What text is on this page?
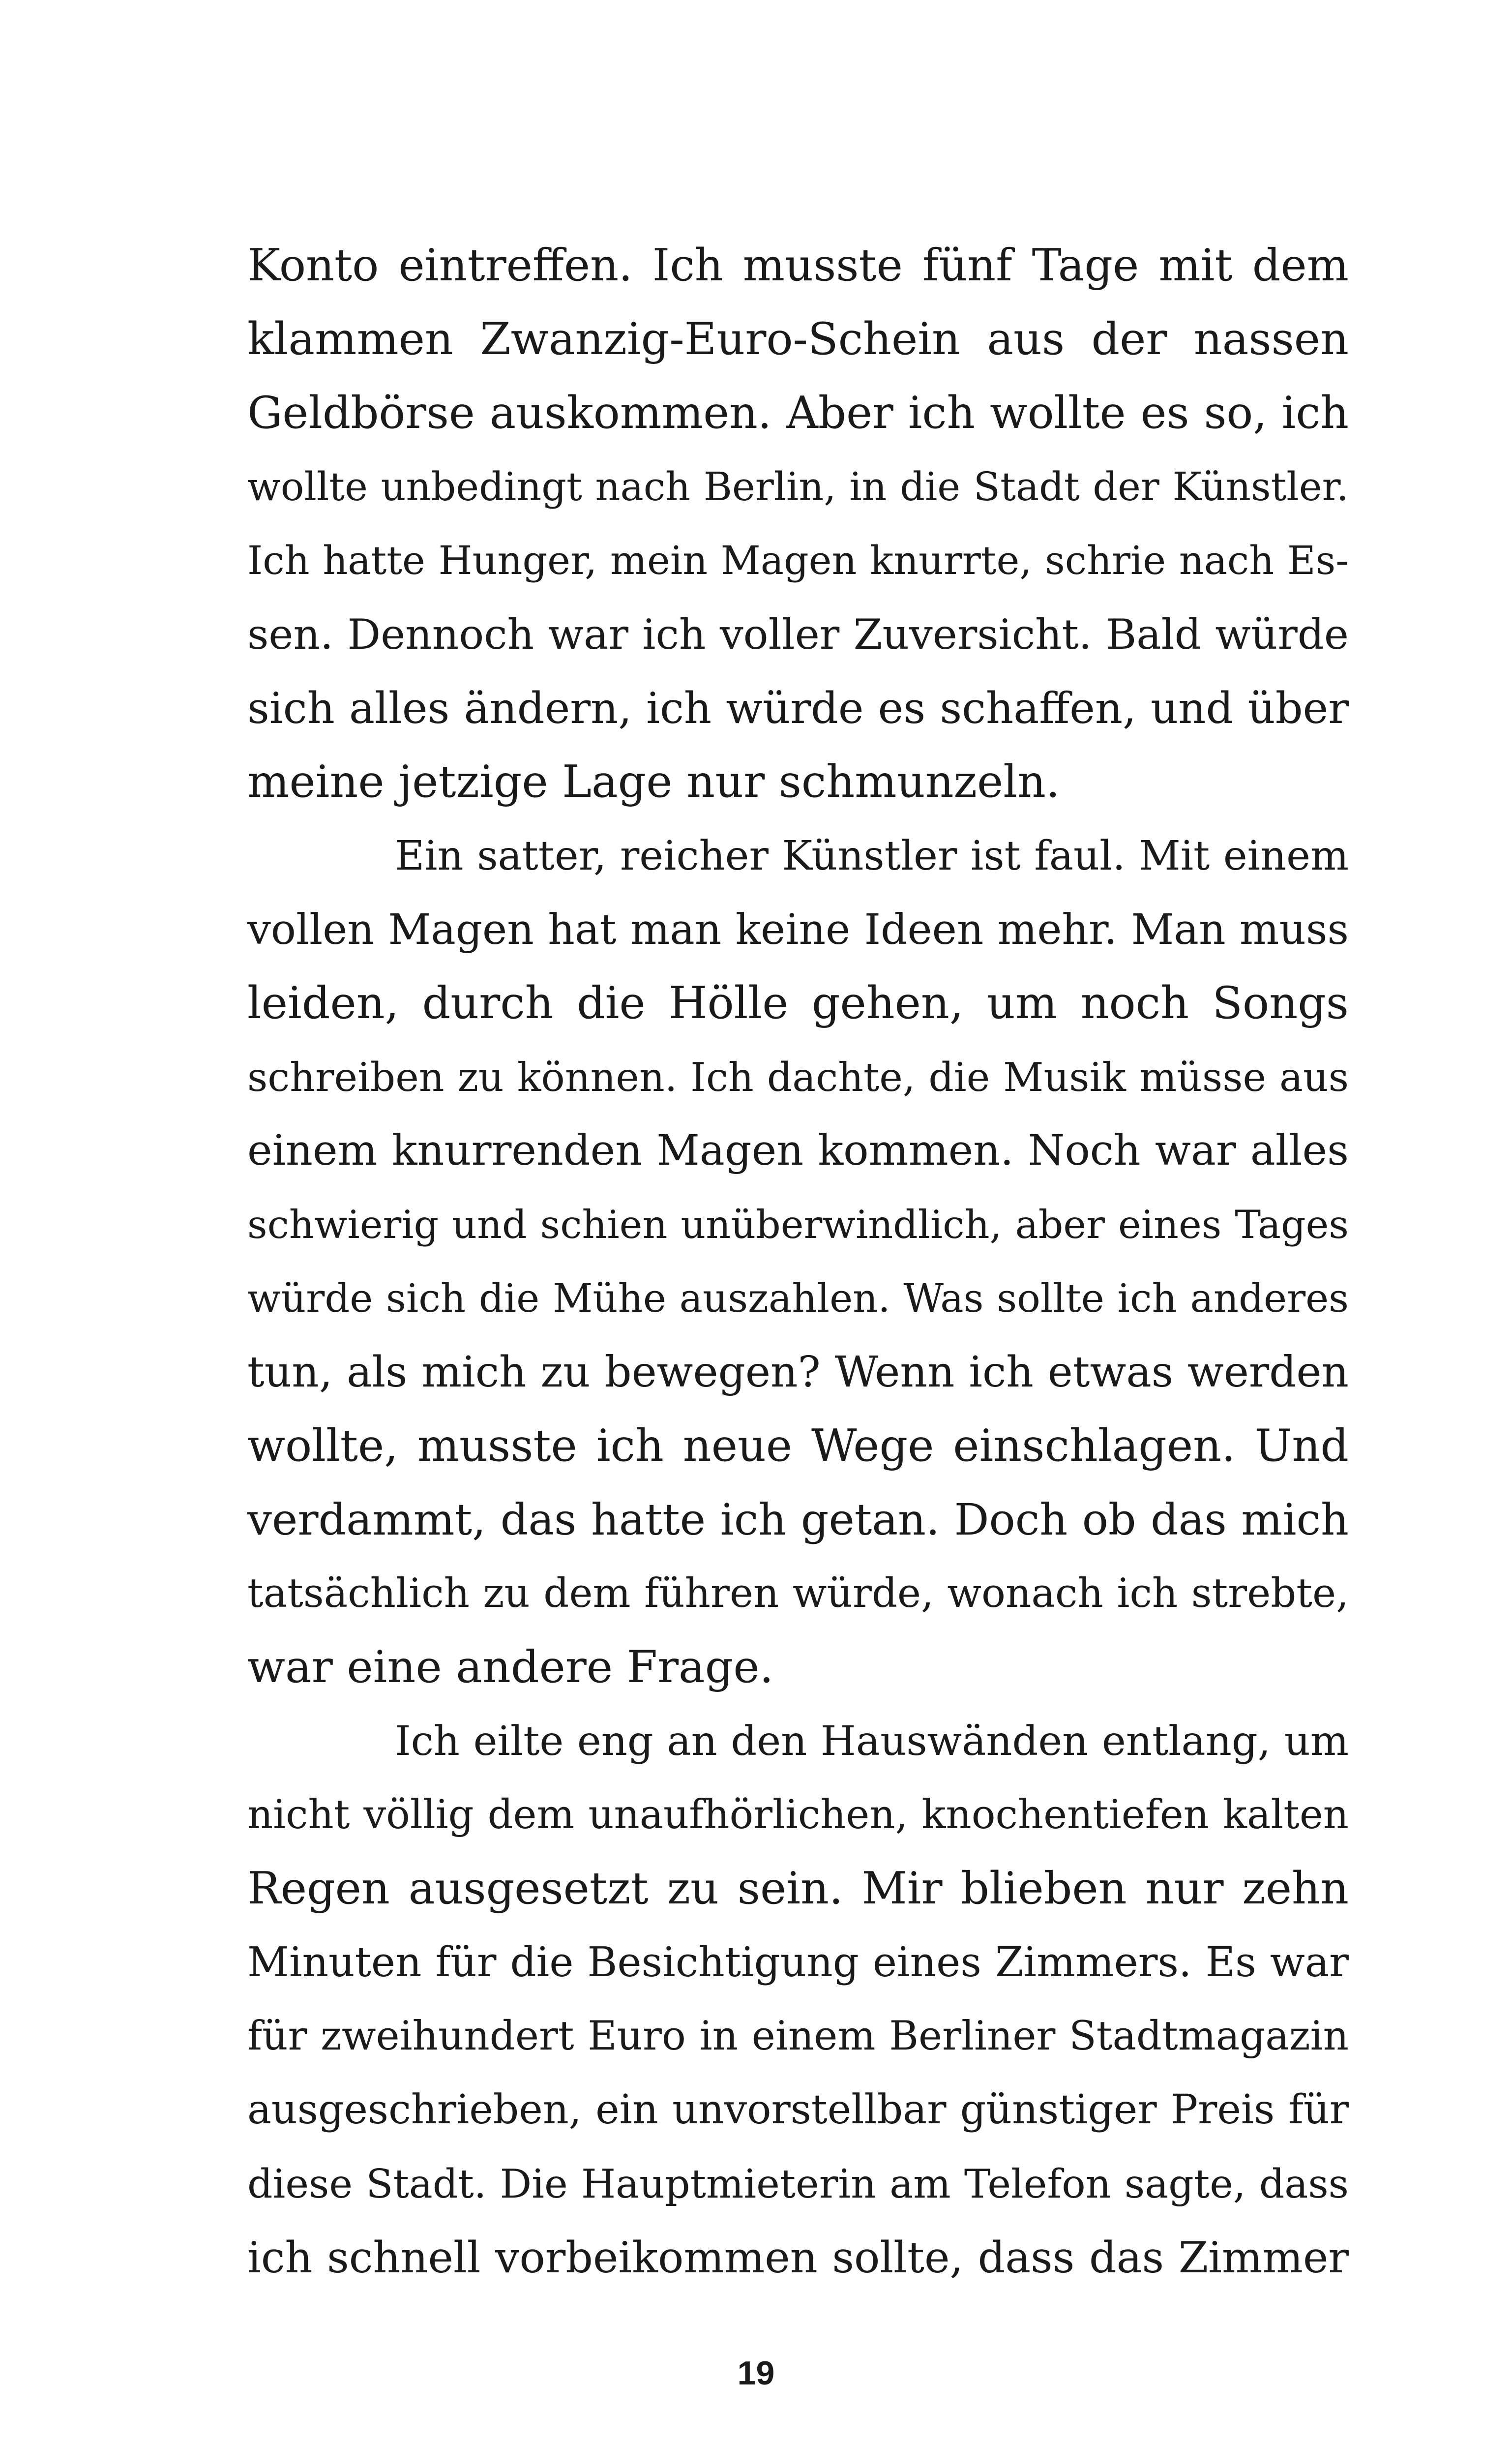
Konto eintreffen. Ich musste fünf Tage mit dem
klammen Zwanzig-Euro-Schein aus der nassen
Geldbörse auskommen. Aber ich wollte es so, ich
wollte unbedingt nach Berlin, in die Stadt der Künstler.
Ich hatte Hunger, mein Magen knurrte, schrie nach Es-
sen. Dennoch war ich voller Zuversicht. Bald würde
sich alles ändern, ich würde es schaffen, und über
meine jetzige Lage nur schmunzeln.
Ein satter, reicher Künstler ist faul. Mit einem
vollen Magen hat man keine Ideen mehr. Man muss
leiden, durch die Hölle gehen, um noch Songs
schreiben zu können. Ich dachte, die Musik müsse aus
einem knurrenden Magen kommen. Noch war alles
schwierig und schien unüberwindlich, aber eines Tages
würde sich die Mühe auszahlen. Was sollte ich anderes
tun, als mich zu bewegen? Wenn ich etwas werden
wollte, musste ich neue Wege einschlagen. Und
verdammt, das hatte ich getan. Doch ob das mich
tatsächlich zu dem führen würde, wonach ich strebte,
war eine andere Frage.
Ich eilte eng an den Hauswänden entlang, um
nicht völlig dem unaufhörlichen, knochentiefen kalten
Regen ausgesetzt zu sein. Mir blieben nur zehn
Minuten für die Besichtigung eines Zimmers. Es war
für zweihundert Euro in einem Berliner Stadtmagazin
ausgeschrieben, ein unvorstellbar günstiger Preis für
diese Stadt. Die Hauptmieterin am Telefon sagte, dass
ich schnell vorbeikommen sollte, dass das Zimmer
19
